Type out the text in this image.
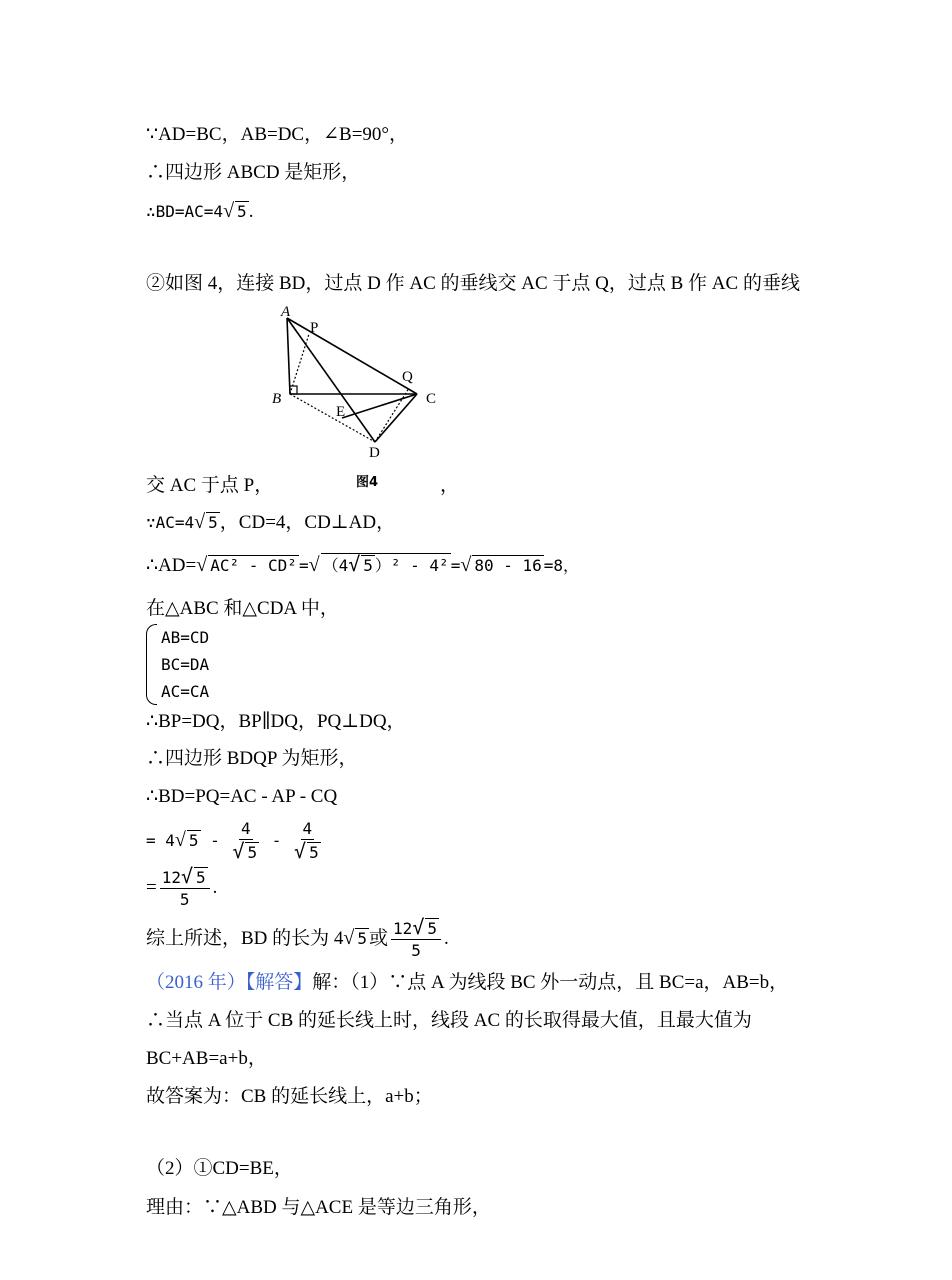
∵AD=BC，AB=DC，∠B=90°，
∴四边形 ABCD 是矩形，
∴BD=AC=4√ 5 .
②如图 4，连接 BD，过点 D 作 AC 的垂线交 AC 于点 Q，过点 B 作 AC 的垂线
A
P
Q
B	C
E
D
图4
交 AC 于点 P，	，
∵AC=4√ 5 ，CD=4，CD⊥AD，
∴AD=√ AC² - CD² =√ （4√ 5 ）² - 4² =√ 80 - 16 =8，
在△ABC 和△CDA 中，
AB=CD
BC=DA
AC=CA
∴BP=DQ，BP∥DQ，PQ⊥DQ，
∴四边形 BDQP 为矩形，
∴BD=PQ=AC - AP - CQ
= 4√ $5 - \frac{4}{√ 5} - \frac{4}{√ 5}$
= $\frac{12√ 5}{5}$ .
综上所述，BD 的长为 4√ 5 或 $\frac{12√ 5}{5}$ .
（2016 年）【解答】解：（1）∵点 A 为线段 BC 外一动点，且 BC=a，AB=b，
∴当点 A 位于 CB 的延长线上时，线段 AC 的长取得最大值，且最大值为
BC+AB=a+b，
故答案为：CB 的延长线上，a+b；
（2）①CD=BE，
理由：∵△ABD 与△ACE 是等边三角形，
